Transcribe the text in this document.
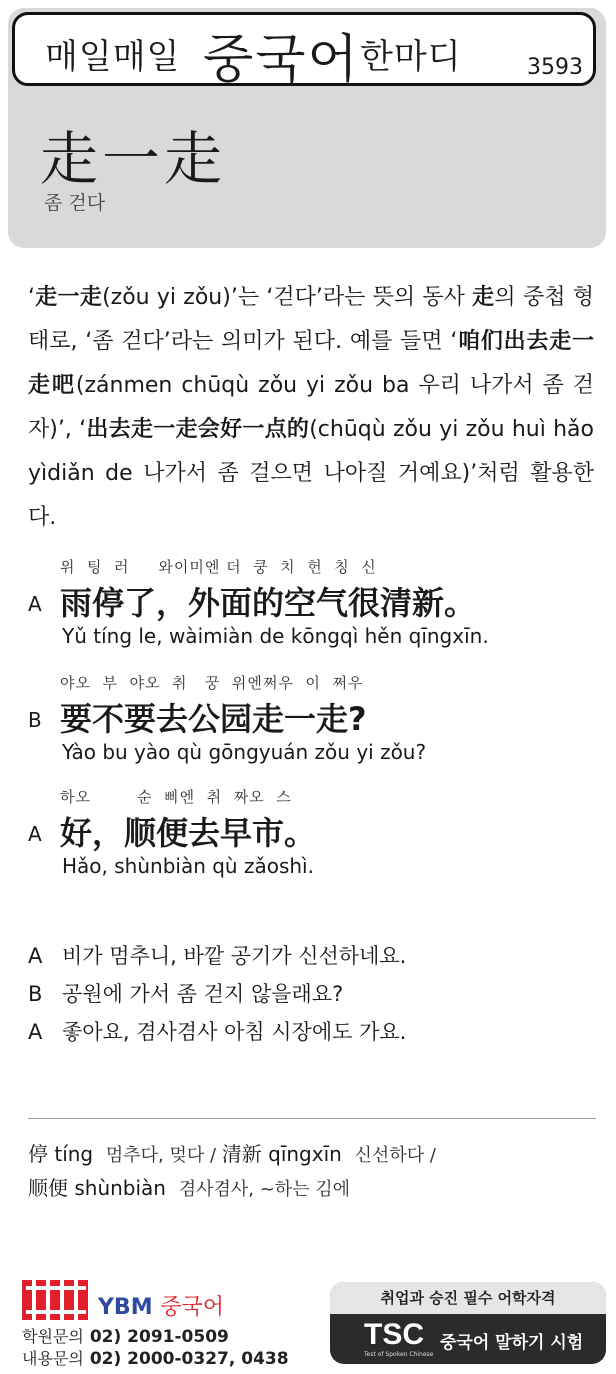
매일매일 중국어 한마디	3593
走一走
좀 걷다
‘走一走(zǒu yi zǒu)’는 ‘걷다’라는 뜻의 동사 走의 중첩 형태로, ‘좀 걷다’라는 의미가 된다. 예를 들면 ‘咱们出去走一走吧(zánmen chūqù zǒu yi zǒu ba 우리 나가서 좀 걷자)’, ‘出去走一走会好一点的(chūqù zǒu yi zǒu huì hǎo yìdiǎn de 나가서 좀 걸으면 나아질 거예요)’처럼 활용한다.
위  팅  러     와이미엔 더  쿵  치  헌  칭  신
A 雨停了，外面的空气很清新。
Yǔ tíng le, wàimiàn de kōngqì hěn qīngxīn.
야오  부  야오  취   꿍  위엔쩌우  이  쩌우
B 要不要去公园走一走?
Yào bu yào qù gōngyuán zǒu yi zǒu?
하오        순  삐엔  취  짜오  스
A 好，顺便去早市。
Hǎo, shùnbiàn qù zǎoshì.
A 비가 멈추니, 바깥 공기가 신선하네요.
B 공원에 가서 좀 걷지 않을래요?
A 좋아요, 겸사겸사 아침 시장에도 가요.
停 tíng 멈추다, 멎다 / 清新 qīngxīn 신선하다 /
顺便 shùnbiàn 겸사겸사, ~하는 김에
YBM 중국어
학원문의 02) 2091-0509
내용문의 02) 2000-0327, 0438
취업과 승진 필수 어학자격
TSC
Test of Spoken Chinese
중국어 말하기 시험
